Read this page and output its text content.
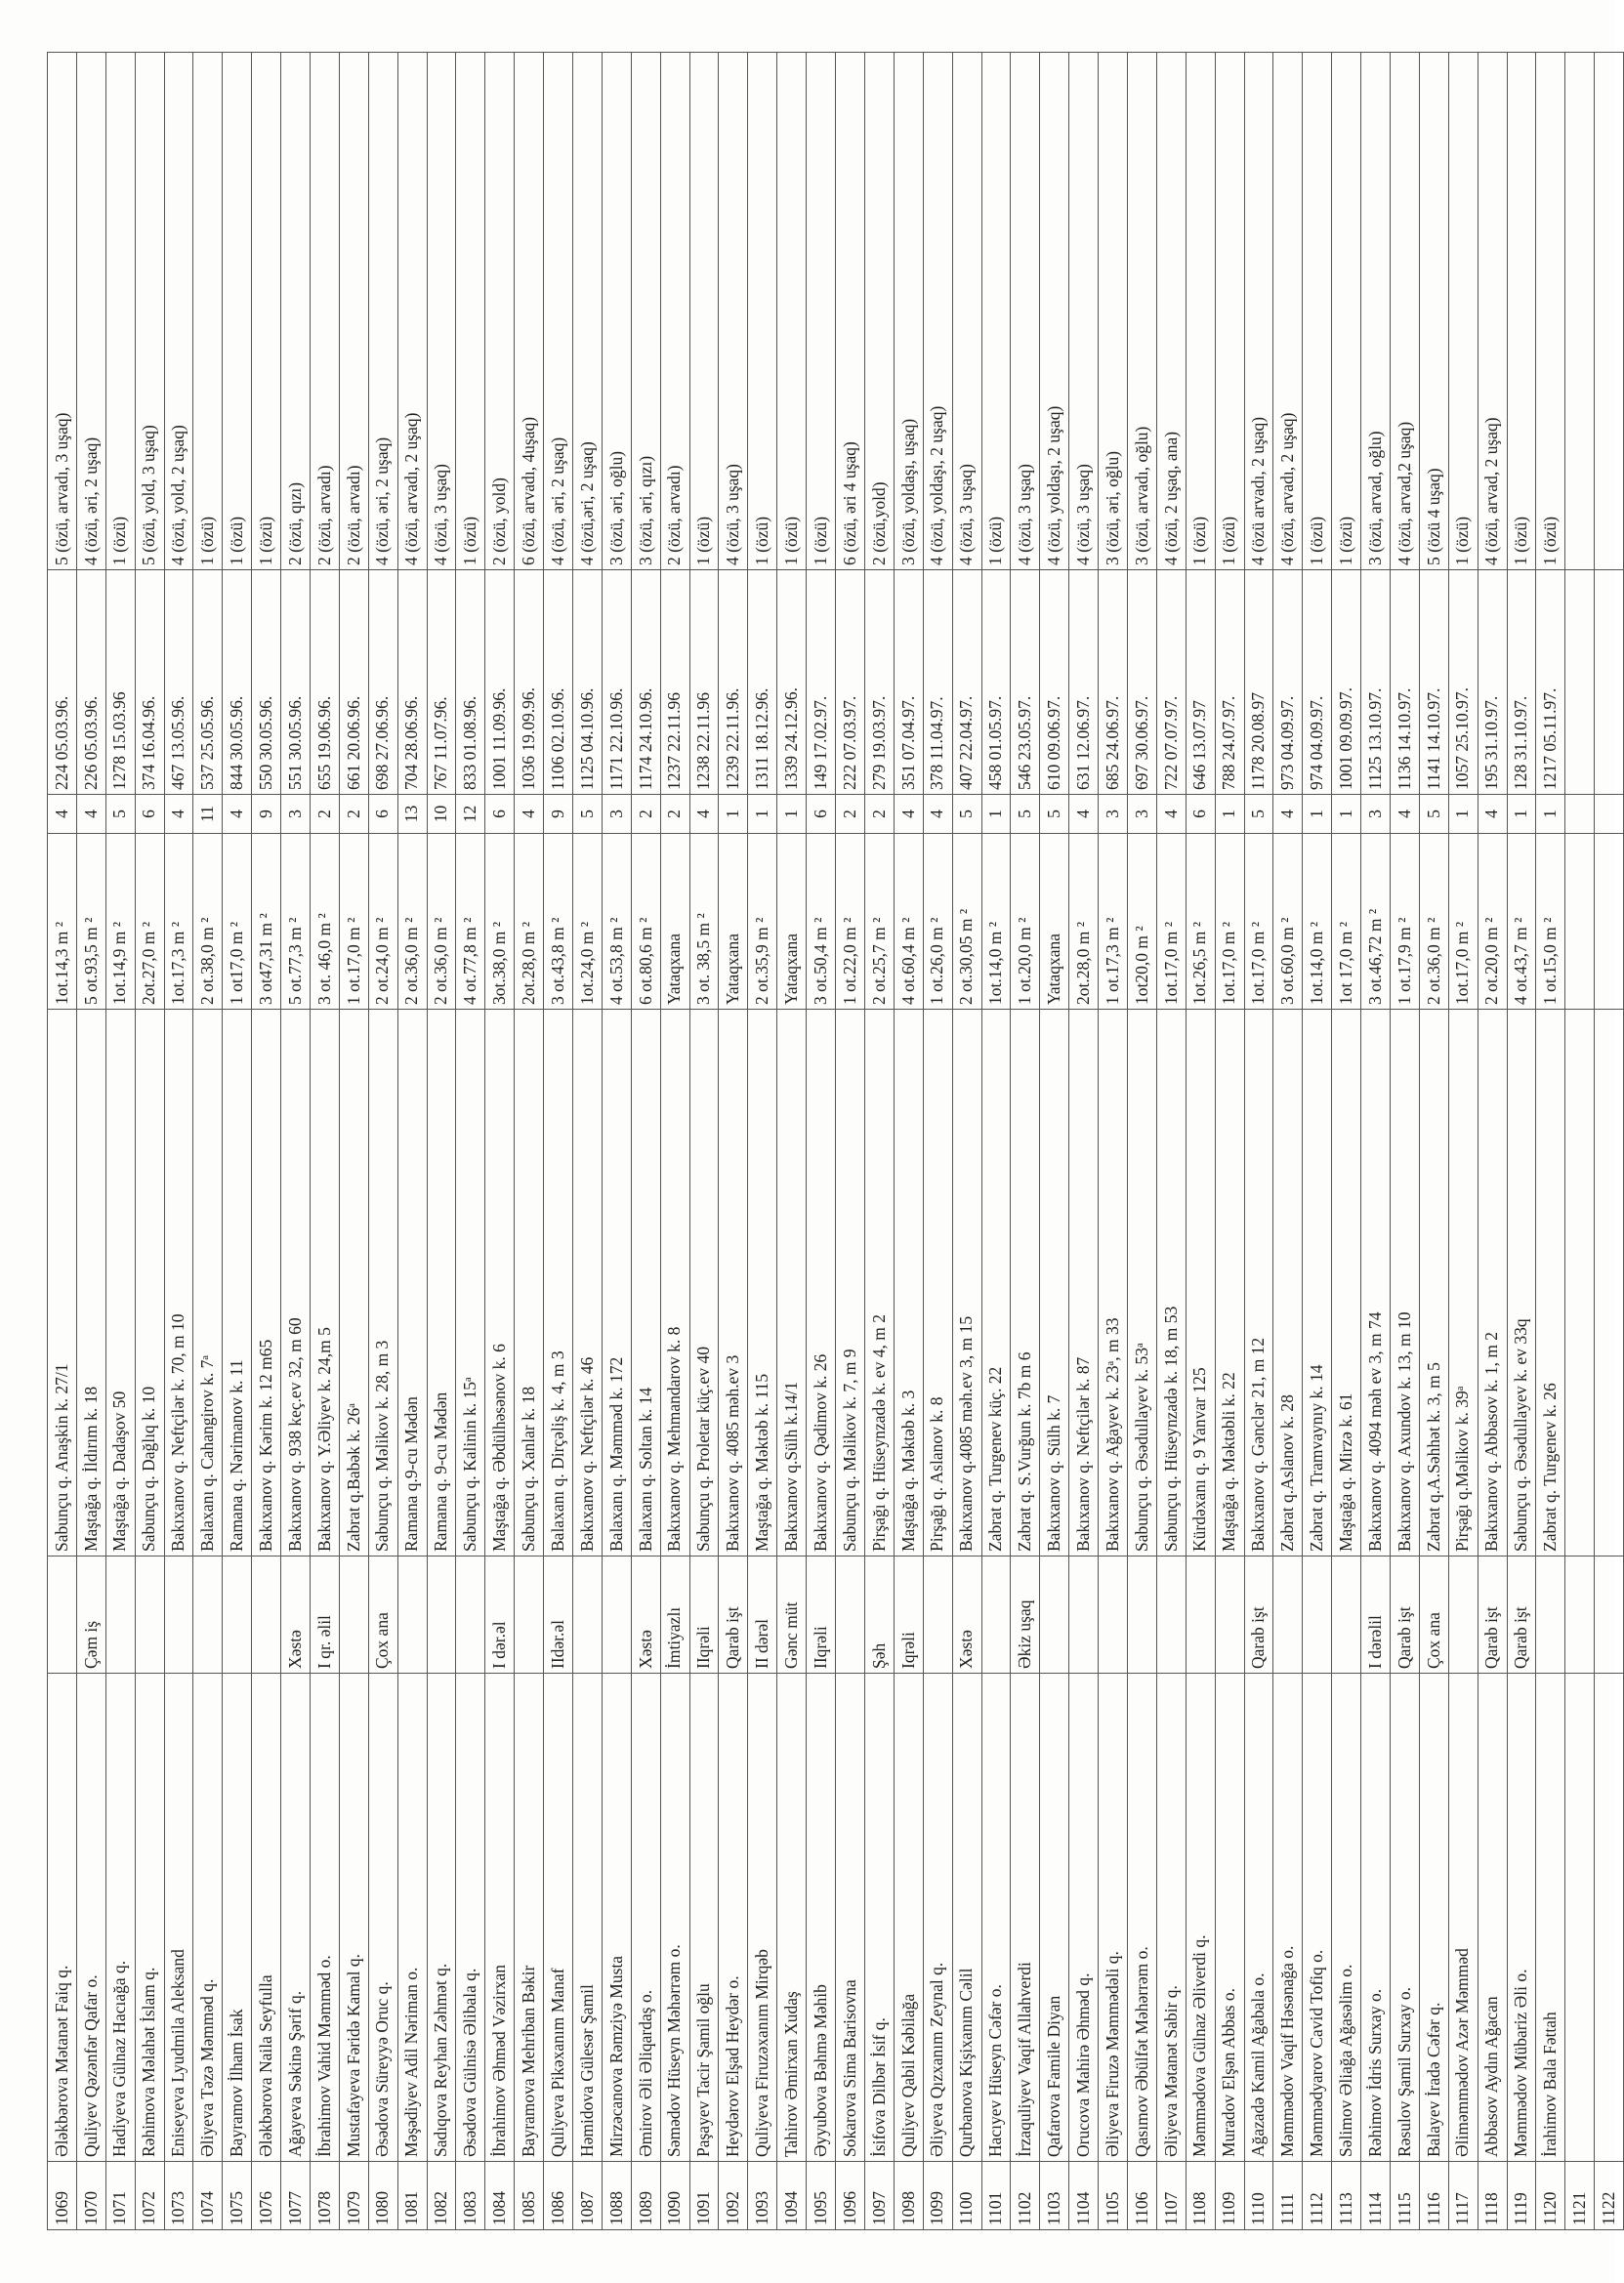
1069	Ələkbərova Mətanət Faiq q.		Sabunçu q. Anaşkin k. 27/1	1ot.14,3 m ²	4	224 05.03.96.	5 (özü, arvadı, 3 uşaq)
1070	Quliyev Qəzənfər Qafar o.	Çəm iş	Maştağa q. İldırım k. 18	5 ot.93,5 m ²	4	226 05.03.96.	4 (özü, əri, 2 uşaq)
1071	Hadiyeva Gülnaz Hacıağa q.		Maştağa q. Dadaşov 50	1ot.14,9 m ²	5	1278 15.03.96	1 (özü)
1072	Rəhimova Məlahət İslam q.		Sabunçu q. Dağlıq k. 10	2ot.27,0 m ²	6	374 16.04.96.	5 (özü, yold, 3 uşaq)
1073	Eniseyeva Lyudmila Aleksand		Bakıxanov q. Neftçilər k. 70, m 10	1ot.17,3 m ²	4	467 13.05.96.	4 (özü, yold, 2 uşaq)
1074	Əliyeva Təzə Məmməd q.		Balaxanı q. Cahangirov k. 7ᵃ	2 ot.38,0 m ²	11	537 25.05.96.	1 (özü)
1075	Bayramov İlham İsak		Ramana q. Nərimanov k. 11	1 ot17,0 m ²	4	844 30.05.96.	1 (özü)
1076	Ələkbərova Naila Seyfulla		Bakıxanov q. Kərim k. 12 m65	3 ot47,31 m ²	9	550 30.05.96.	1 (özü)
1077	Ağayeva Səkinə Şərif q.	Xəstə	Bakıxanov q. 938 keç.ev 32, m 60	5 ot.77,3 m ²	3	551 30.05.96.	2 (özü, qızı)
1078	İbrahimov Vahid Məmməd o.	I qr. əlil	Bakıxanov q. Y.Əliyev k. 24,m 5	3 ot. 46,0 m ²	2	655 19.06.96.	2 (özü, arvadı)
1079	Mustafayeva Fəridə Kamal q.		Zabrat q.Babək k. 26ᵃ	1 ot.17,0 m ²	2	661 20.06.96.	2 (özü, arvadı)
1080	Əsədova Süreyyə Oruc q.	Çox ana	Sabunçu q. Məlikov k. 28, m 3	2 ot.24,0 m ²	6	698 27.06.96.	4 (özü, əri, 2 uşaq)
1081	Məşədiyev Adil Nəriman o.		Ramana q.9-cu Mədən	2 ot.36,0 m ²	13	704 28.06.96.	4 (özü, arvadı, 2 uşaq)
1082	Sadıqova Reyhan Zəhmət q.		Ramana q. 9-cu Mədən	2 ot.36,0 m ²	10	767 11.07.96.	4 (özü, 3 uşaq)
1083	Əsədova Gülnisə Əlibala q.		Sabunçu q. Kalinin k. 15ᵃ	4 ot.77,8 m ²	12	833 01.08.96.	1 (özü)
1084	İbrahimov Əhməd Vəzirxan	I dər.əl	Maştağa q. Əbdülhəsənov k. 6	3ot.38,0 m ²	6	1001 11.09.96.	2 (özü, yold)
1085	Bayramova Mehriban Bəkir		Sabunçu q. Xanlar k. 18	2ot.28,0 m ²	4	1036 19.09.96.	6 (özü, arvadı, 4uşaq)
1086	Quliyeva Pikəxanım Manaf	IIdər.əl	Balaxanı q. Dirçəliş k. 4, m 3	3 ot.43,8 m ²	9	1106 02.10.96.	4 (özü, əri, 2 uşaq)
1087	Həmidova Gülesər Şamil		Bakıxanov q. Neftçilər k. 46	1ot.24,0 m ²	5	1125 04.10.96.	4 (özü,əri, 2 uşaq)
1088	Mirzəcanova Rəmziyə Musta		Balaxanı q. Məmməd k. 172	4 ot.53,8 m ²	3	1171 22.10.96.	3 (özü, əri, oğlu)
1089	Əmirov Əli Əliqardaş o.	Xəstə	Balaxanı q. Soltan k. 14	6 ot.80,6 m ²	2	1174 24.10.96.	3 (özü, əri, qızı)
1090	Səmədov Hüseyn Məhərrəm o.	İmtiyazlı	Bakıxanov q. Mehmandarov k. 8	Yataqxana	2	1237 22.11.96	2 (özü, arvadı)
1091	Paşayev Tacir Şamil oğlu	IIqrəli	Sabunçu q. Proletar küç.ev 40	3 ot. 38,5 m ²	4	1238 22.11.96	1 (özü)
1092	Heydərov Elşad Heydər o.	Qarab işt	Bakıxanov q. 4085 məh.ev 3	Yataqxana	1	1239 22.11.96.	4 (özü, 3 uşaq)
1093	Quliyeva Firuzəxanım Mirqəb	II dərəl	Maştağa q. Məktəb k. 115	2 ot.35,9 m ²	1	1311 18.12.96.	1 (özü)
1094	Tahirov Əmirxan Xudaş	Gənc müt	Bakıxanov q.Sülh k.14/1	Yataqxana	1	1339 24.12.96.	1 (özü)
1095	Əyyubova Bəhmə Məhib	IIqrəli	Bakıxanov q. Qədimov k. 26	3 ot.50,4 m ²	6	149 17.02.97.	1 (özü)
1096	Sokarova Sima Barisovna		Sabunçu q. Məlikov k. 7, m 9	1 ot.22,0 m ²	2	222 07.03.97.	6 (özü, əri 4 uşaq)
1097	İsifova Dilbər İsif q.	Şəh	Pirşağı q. Hüseynzadə k. ev 4, m 2	2 ot.25,7 m ²	2	279 19.03.97.	2 (özü,yold)
1098	Quliyev Qabil Kəbilağa	Iqrəli	Maştağa q. Məktəb k. 3	4 ot.60,4 m ²	4	351 07.04.97.	3 (özü, yoldaşı, uşaq)
1099	Əliyeva Qızxanım Zeynal q.		Pirşağı q. Aslanov k. 8	1 ot.26,0 m ²	4	378 11.04.97.	4 (özü, yoldaşı, 2 uşaq)
1100	Qurbanova Kişixanım Cəlil	Xəstə	Bakıxanov q.4085 məh.ev 3, m 15	2 ot.30,05 m ²	5	407 22.04.97.	4 (özü, 3 uşaq)
1101	Hacıyev Hüseyn Cəfər o.		Zabrat q. Turgenev küç. 22	1ot.14,0 m ²	1	458 01.05.97.	1 (özü)
1102	İrzaquliyev Vaqif Allahverdi	Əkiz uşaq	Zabrat q. S.Vurğun k. 7b m 6	1 ot.20,0 m ²	5	546 23.05.97.	4 (özü, 3 uşaq)
1103	Qafarova Famile Diyan		Bakıxanov q. Sülh k. 7	Yataqxana	5	610 09.06.97.	4 (özü, yoldaşı, 2 uşaq)
1104	Orucova Mahirə Əhməd q.		Bakıxanov q. Neftçilər k. 87	2ot.28,0 m ²	4	631 12.06.97.	4 (özü, 3 uşaq)
1105	Əliyeva Firuzə Məmmədəli q.		Bakıxanov q. Ağayev k. 23ᵃ, m 33	1 ot.17,3 m ²	3	685 24.06.97.	3 (özü, əri, oğlu)
1106	Qasımov Əbülfət Məhərrəm o.		Sabunçu q. Əsədullayev k. 53ᵃ	1ot20,0 m ²	3	697 30.06.97.	3 (özü, arvadı, oğlu)
1107	Əliyeva Mətanət Sabir q.		Sabunçu q. Hüseynzadə k. 18, m 53	1ot.17,0 m ²	4	722 07.07.97.	4 (özü, 2 uşaq, ana)
1108	Məmmədova Gülnaz Əliverdi q.		Kürdəxanı q. 9 Yanvar 125	1ot.26,5 m ²	6	646 13.07.97	1 (özü)
1109	Muradov Elşən Abbas o.		Maştağa q. Məktəbli k. 22	1ot.17,0 m ²	1	788 24.07.97.	1 (özü)
1110	Ağazadə Kamil Ağabala o.	Qarab işt	Bakıxanov q. Gənclər 21, m 12	1ot.17,0 m ²	5	1178 20.08.97	4 (özü arvadı, 2 uşaq)
1111	Məmmədov Vaqif Həsənağa o.		Zabrat q.Aslanov k. 28	3 ot.60,0 m ²	4	973 04.09.97.	4 (özü, arvadı, 2 uşaq)
1112	Məmmədyarov Cavid Tofiq o.		Zabrat q. Tramvaynıy k. 14	1ot.14,0 m ²	1	974 04.09.97.	1 (özü)
1113	Səlimov Əliağa Ağasəlim o.		Maştağa q. Mirzə k. 61	1ot 17,0 m ²	1	1001 09.09.97.	1 (özü)
1114	Rəhimov İdris Surxay o.	I dərəlil	Bakıxanov q. 4094 məh ev 3, m 74	3 ot.46,72 m ²	3	1125 13.10.97.	3 (özü, arvad, oğlu)
1115	Rəsulov Şamil Surxay o.	Qarab işt	Bakıxanov q. Axundov k. 13, m 10	1 ot.17,9 m ²	4	1136 14.10.97.	4 (özü, arvad,2 uşaq)
1116	Balayev İradə Cəfər q.	Çox ana	Zabrat q.A.Səhhət k. 3, m 5	2 ot.36,0 m ²	5	1141 14.10.97.	5 (özü 4 uşaq)
1117	Əliməmmədov Azər Məmməd		Pirşağı q.Məlikov k. 39ᵃ	1ot.17,0 m ²	1	1057 25.10.97.	1 (özü)
1118	Abbasov Aydın Ağacan	Qarab işt	Bakıxanov q. Abbasov k. 1, m 2	2 ot.20,0 m ²	4	195 31.10.97.	4 (özü, arvad, 2 uşaq)
1119	Məmmədov Mübariz Əli o.	Qarab işt	Sabunçu q. Əsədullayev k. ev 33q	4 ot.43,7 m ²	1	128 31.10.97.	1 (özü)
1120	İrahimov Bala Fəttah		Zabrat q. Turgenev k. 26	1 ot.15,0 m ²	1	1217 05.11.97.	1 (özü)
1121							
1122							
